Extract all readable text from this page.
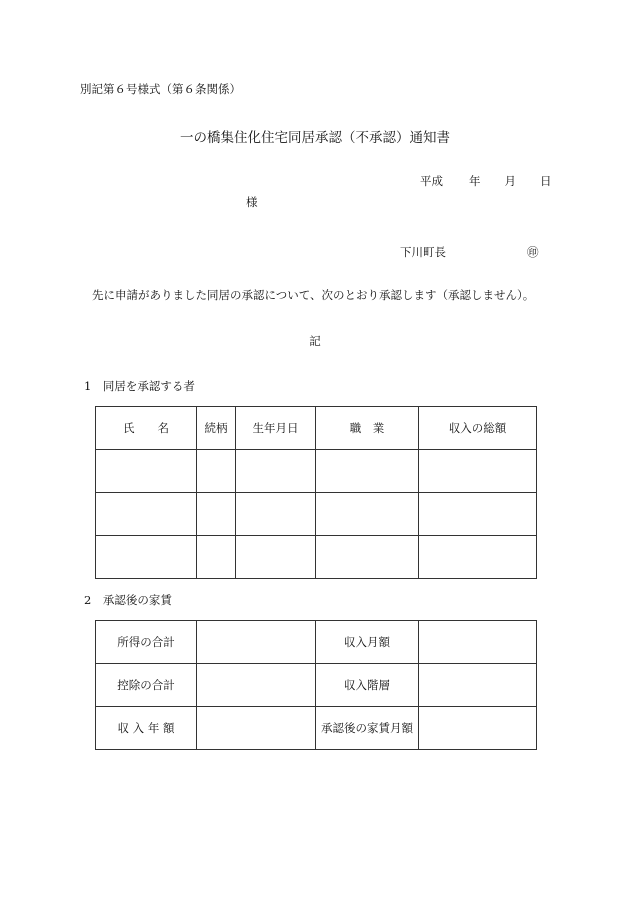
別記第６号様式（第６条関係）
一の橋集住化住宅同居承認（不承認）通知書
平成 年 月 日
様
下川町長	㊞
先に申請がありました同居の承認について、次のとおり承認します（承認しません）。
記
1　同居を承認する者
氏　　名	続柄	生年月日	職　業	収入の総額

2　承認後の家賃
所得の合計		収入月額	
控除の合計		収入階層	
収 入 年 額		承認後の家賃月額	
